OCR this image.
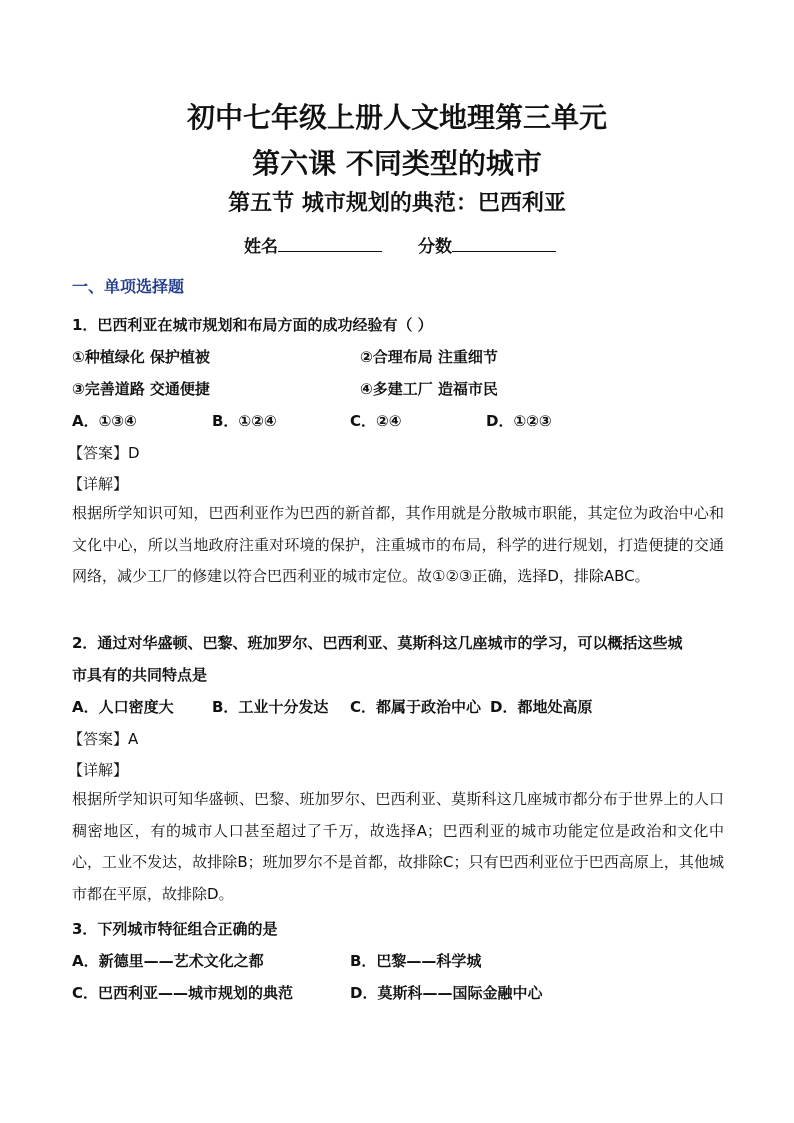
初中七年级上册人文地理第三单元
第六课 不同类型的城市
第五节 城市规划的典范：巴西利亚
姓名	分数
一、单项选择题
1．巴西利亚在城市规划和布局方面的成功经验有（ ）
①种植绿化 保护植被	②合理布局 注重细节
③完善道路 交通便捷	④多建工厂 造福市民
A．①③④	B．①②④	C．②④	D．①②③
【答案】D
【详解】
根据所学知识可知，巴西利亚作为巴西的新首都，其作用就是分散城市职能，其定位为政治中心和文化中心，所以当地政府注重对环境的保护，注重城市的布局，科学的进行规划，打造便捷的交通网络，减少工厂的修建以符合巴西利亚的城市定位。故①②③正确，选择D，排除ABC。
2．通过对华盛顿、巴黎、班加罗尔、巴西利亚、莫斯科这几座城市的学习，可以概括这些城
市具有的共同特点是
A．人口密度大	B．工业十分发达 C．都属于政治中心 D．都地处高原
【答案】A
【详解】
根据所学知识可知华盛顿、巴黎、班加罗尔、巴西利亚、莫斯科这几座城市都分布于世界上的人口稠密地区，有的城市人口甚至超过了千万，故选择A；巴西利亚的城市功能定位是政治和文化中心，工业不发达，故排除B；班加罗尔不是首都，故排除C；只有巴西利亚位于巴西高原上，其他城市都在平原，故排除D。
3．下列城市特征组合正确的是
A．新德里——艺术文化之都	B．巴黎——科学城
C．巴西利亚——城市规划的典范	D．莫斯科——国际金融中心
